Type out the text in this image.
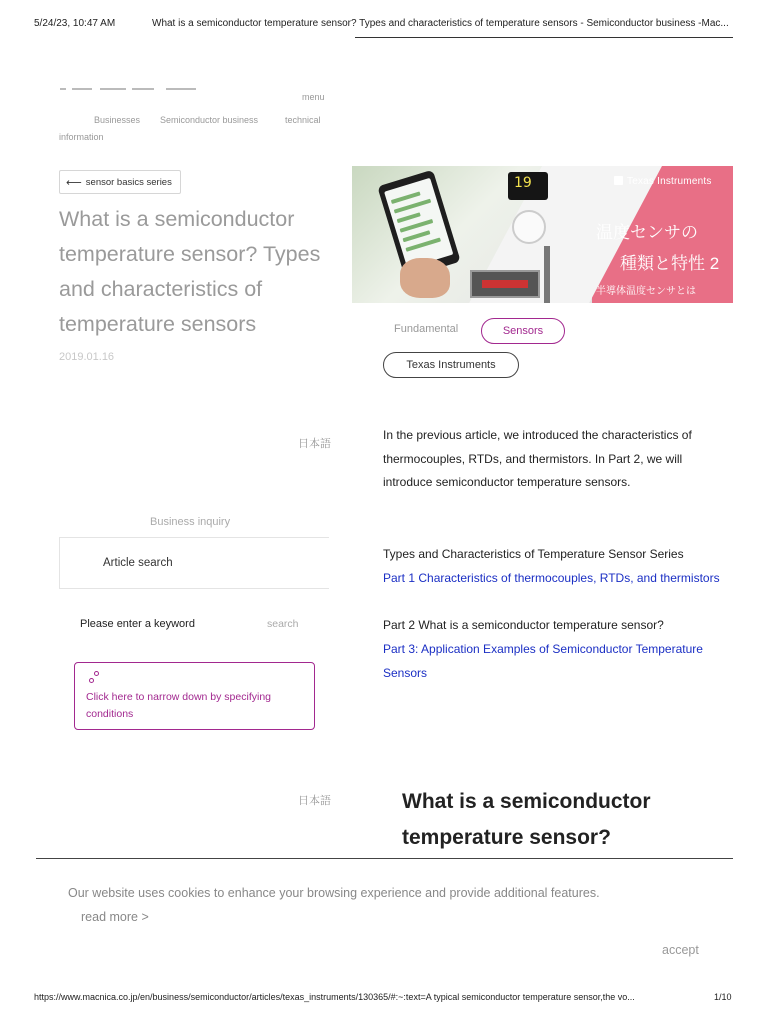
5/24/23, 10:47 AM	What is a semiconductor temperature sensor? Types and characteristics of temperature sensors - Semiconductor business -Mac...
menu
Businesses Semiconductor business	technical
information
⟵ sensor basics series
What is a semiconductor temperature sensor? Types and characteristics of temperature sensors
2019.01.16
日本語
Business inquiry
Article search
Please enter a keyword	search
Click here to narrow down by specifying conditions
日本語
19	Texas Instruments
温度センサの
種類と特性 2
半導体温度センサとは
Fundamental	Sensors
Texas Instruments

In the previous article, we introduced the characteristics of thermocouples, RTDs, and thermistors. In Part 2, we will introduce semiconductor temperature sensors.

Types and Characteristics of Temperature Sensor Series

Part 1 Characteristics of thermocouples, RTDs, and thermistors

Part 2 What is a semiconductor temperature sensor?

Part 3: Application Examples of Semiconductor Temperature Sensors

What is a semiconductor temperature sensor?
Our website uses cookies to enhance your browsing experience and provide additional features.
read more >
accept
https://www.macnica.co.jp/en/business/semiconductor/articles/texas_instruments/130365/#:~:text=A typical semiconductor temperature sensor,the vo...	1/10
